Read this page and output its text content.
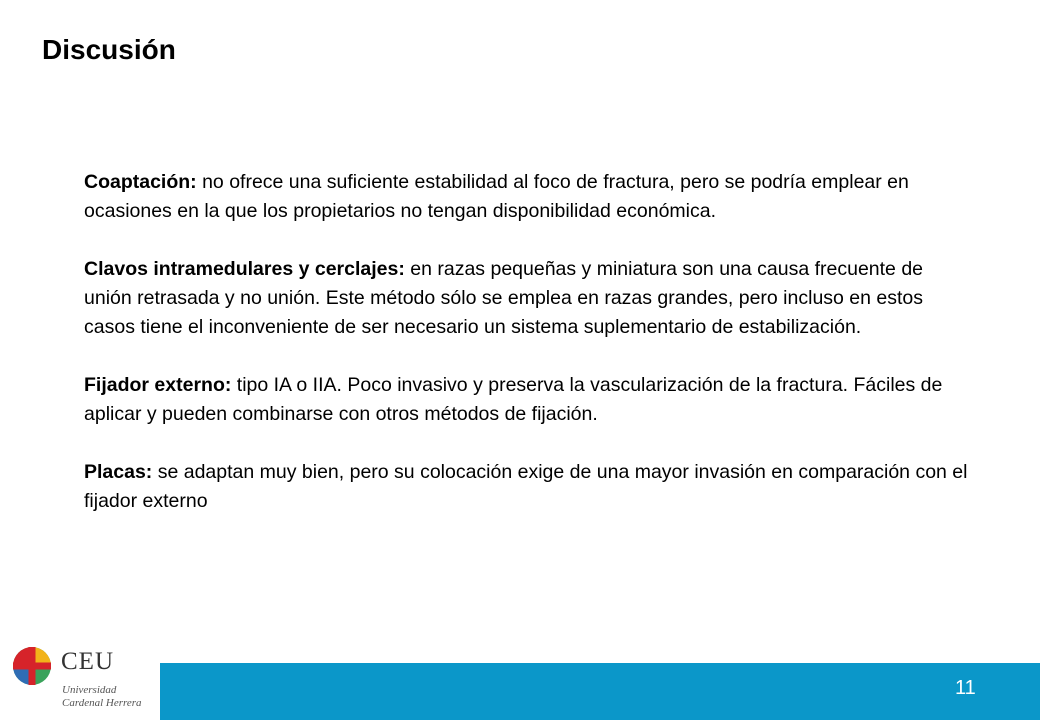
Discusión

Coaptación: no ofrece una suficiente estabilidad al foco de fractura, pero se podría emplear en ocasiones en la que los propietarios no tengan disponibilidad económica.

Clavos intramedulares y cerclajes: en razas pequeñas y miniatura son una causa frecuente de unión retrasada y no unión. Este método sólo se emplea en razas grandes, pero incluso en estos casos tiene el inconveniente de ser necesario un sistema suplementario de estabilización.

Fijador externo: tipo IA o IIA. Poco invasivo y preserva la vascularización de la fractura. Fáciles de aplicar y pueden combinarse con otros métodos de fijación.

Placas: se adaptan muy bien, pero su colocación exige de una mayor invasión en comparación con el fijador externo

CEU
Universidad
Cardenal Herrera
11
